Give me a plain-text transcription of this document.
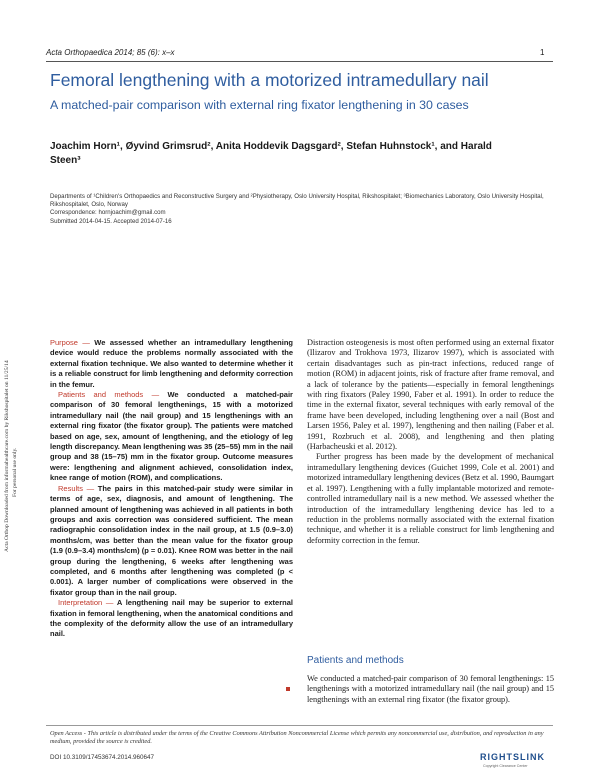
Acta Orthopaedica 2014; 85 (6): x–x	1
Femoral lengthening with a motorized intramedullary nail
A matched-pair comparison with external ring fixator lengthening in 30 cases
Joachim Horn¹, Øyvind Grimsrud², Anita Hoddevik Dagsgard², Stefan Huhnstock¹, and Harald Steen³
Departments of ¹Children's Orthopaedics and Reconstructive Surgery and ²Physiotherapy, Oslo University Hospital, Rikshospitalet; ³Biomechanics Laboratory, Oslo University Hospital, Rikshospitalet, Oslo, Norway
Correspondence: hornjoachim@gmail.com
Submitted 2014-04-15. Accepted 2014-07-16
Acta Orthop Downloaded from informahealthcare.com by Rikshospitalet on 11/25/14 For personal use only.

Purpose — We assessed whether an intramedullary lengthening device would reduce the problems normally associated with the external fixation technique. We also wanted to determine whether it is a reliable construct for limb lengthening and deformity correction in the femur.

Patients and methods — We conducted a matched-pair comparison of 30 femoral lengthenings, 15 with a motorized intramedullary nail (the nail group) and 15 lengthenings with an external ring fixator (the fixator group). The patients were matched based on age, sex, amount of lengthening, and the etiology of leg length discrepancy. Mean lengthening was 35 (25–55) mm in the nail group and 38 (15–75) mm in the fixator group. Outcome measures were: lengthening and alignment achieved, consolidation index, knee range of motion (ROM), and complications.

Results — The pairs in this matched-pair study were similar in terms of age, sex, diagnosis, and amount of lengthening. The planned amount of lengthening was achieved in all patients in both groups and axis correction was considered sufficient. The mean radiographic consolidation index in the nail group, at 1.5 (0.9–3.0) months/cm, was better than the mean value for the fixator group (1.9 (0.9–3.4) months/cm) (p = 0.01). Knee ROM was better in the nail group during the lengthening, 6 weeks after lengthening was completed, and 6 months after lengthening was completed (p < 0.001). A larger number of complications were observed in the fixator group than in the nail group.

Interpretation — A lengthening nail may be superior to external fixation in femoral lengthening, when the anatomical conditions and the complexity of the deformity allow the use of an intramedullary nail.

Distraction osteogenesis is most often performed using an external fixator (Ilizarov and Trokhova 1973, Ilizarov 1997), which is associated with certain disadvantages such as pin-tract infections, reduced range of motion (ROM) in adjacent joints, risk of fracture after frame removal, and a lack of tolerance by the patients—especially in femoral lengthenings with ring fixators (Paley 1990, Faber et al. 1991). In order to reduce the time in the external fixator, several techniques with early removal of the frame have been developed, including lengthening over a nail (Bost and Larsen 1956, Paley et al. 1997), lengthening and then nailing (Faber et al. 1991, Rozbruch et al. 2008), and lengthening and then plating (Harbacheuski et al. 2012).

Further progress has been made by the development of mechanical intramedullary lengthening devices (Guichet 1999, Cole et al. 2001) and motorized intramedullary lengthening devices (Betz et al. 1990, Baumgart et al. 1997). Lengthening with a fully implantable motorized and remote-controlled intramedullary nail is a new method. We assessed whether the introduction of the intramedullary lengthening device has led to a reduction in the problems normally associated with the external fixation technique, and whether it is a reliable construct for limb lengthening and deformity correction in the femur.

Patients and methods

We conducted a matched-pair comparison of 30 femoral lengthenings: 15 lengthenings with a motorized intramedullary nail (the nail group) and 15 lengthenings with an external ring fixator (the fixator group).

Open Access - This article is distributed under the terms of the Creative Commons Attribution Noncommercial License which permits any noncommercial use, distribution, and reproduction in any medium, provided the source is credited.
DOI 10.3109/17453674.2014.960647	RIGHTSLINK
Copyright Clearance Center
